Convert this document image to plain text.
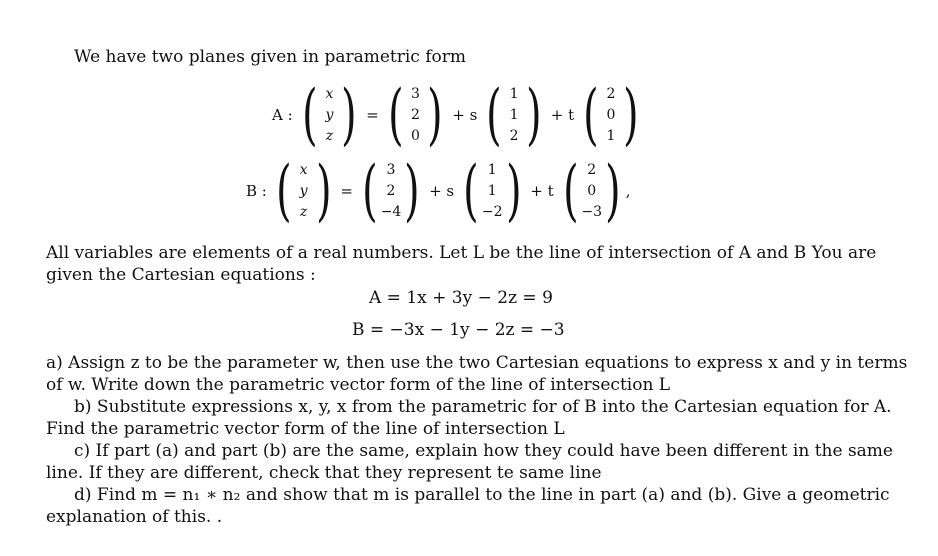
We have two planes given in parametric form
A : ( x
y
z ) = ( 3
2
0 ) + s ( 1
1
2 ) + t ( 2
0
1 )
B : ( x
y
z ) = ( 3
2
−4 ) + s ( 1
1
−2 ) + t ( 2
0
−3 ) ,
All variables are elements of a real numbers. Let L be the line of intersection of A and B You are
given the Cartesian equations :
A = 1x + 3y − 2z = 9
B = −3x − 1y − 2z = −3
a) Assign z to be the parameter w, then use the two Cartesian equations to express x and y in terms
of w. Write down the parametric vector form of the line of intersection L
b) Substitute expressions x, y, x from the parametric for of B into the Cartesian equation for A.
Find the parametric vector form of the line of intersection L
c) If part (a) and part (b) are the same, explain how they could have been different in the same
line. If they are different, check that they represent te same line
d) Find m = n₁ ∗ n₂ and show that m is parallel to the line in part (a) and (b). Give a geometric
explanation of this. .
